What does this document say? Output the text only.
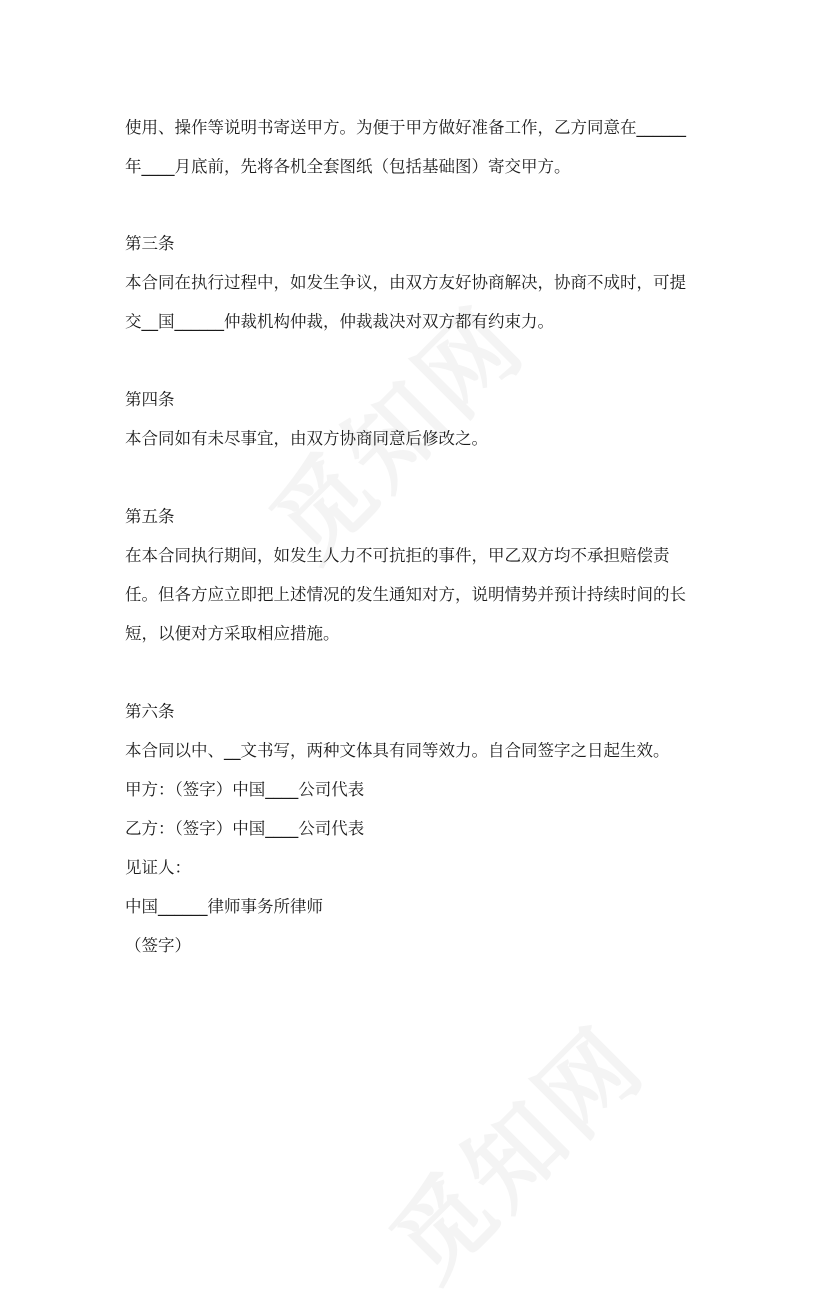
使用、操作等说明书寄送甲方。为便于甲方做好准备工作，乙方同意在______
年____月底前，先将各机全套图纸（包括基础图）寄交甲方。
第三条
本合同在执行过程中，如发生争议，由双方友好协商解决，协商不成时，可提
交__国______仲裁机构仲裁，仲裁裁决对双方都有约束力。
第四条
本合同如有未尽事宜，由双方协商同意后修改之。
第五条
在本合同执行期间，如发生人力不可抗拒的事件，甲乙双方均不承担赔偿责
任。但各方应立即把上述情况的发生通知对方，说明情势并预计持续时间的长
短，以便对方采取相应措施。
第六条
本合同以中、__文书写，两种文体具有同等效力。自合同签字之日起生效。
甲方：（签字）中国____公司代表
乙方：（签字）中国____公司代表
见证人：
中国______律师事务所律师
（签字）
